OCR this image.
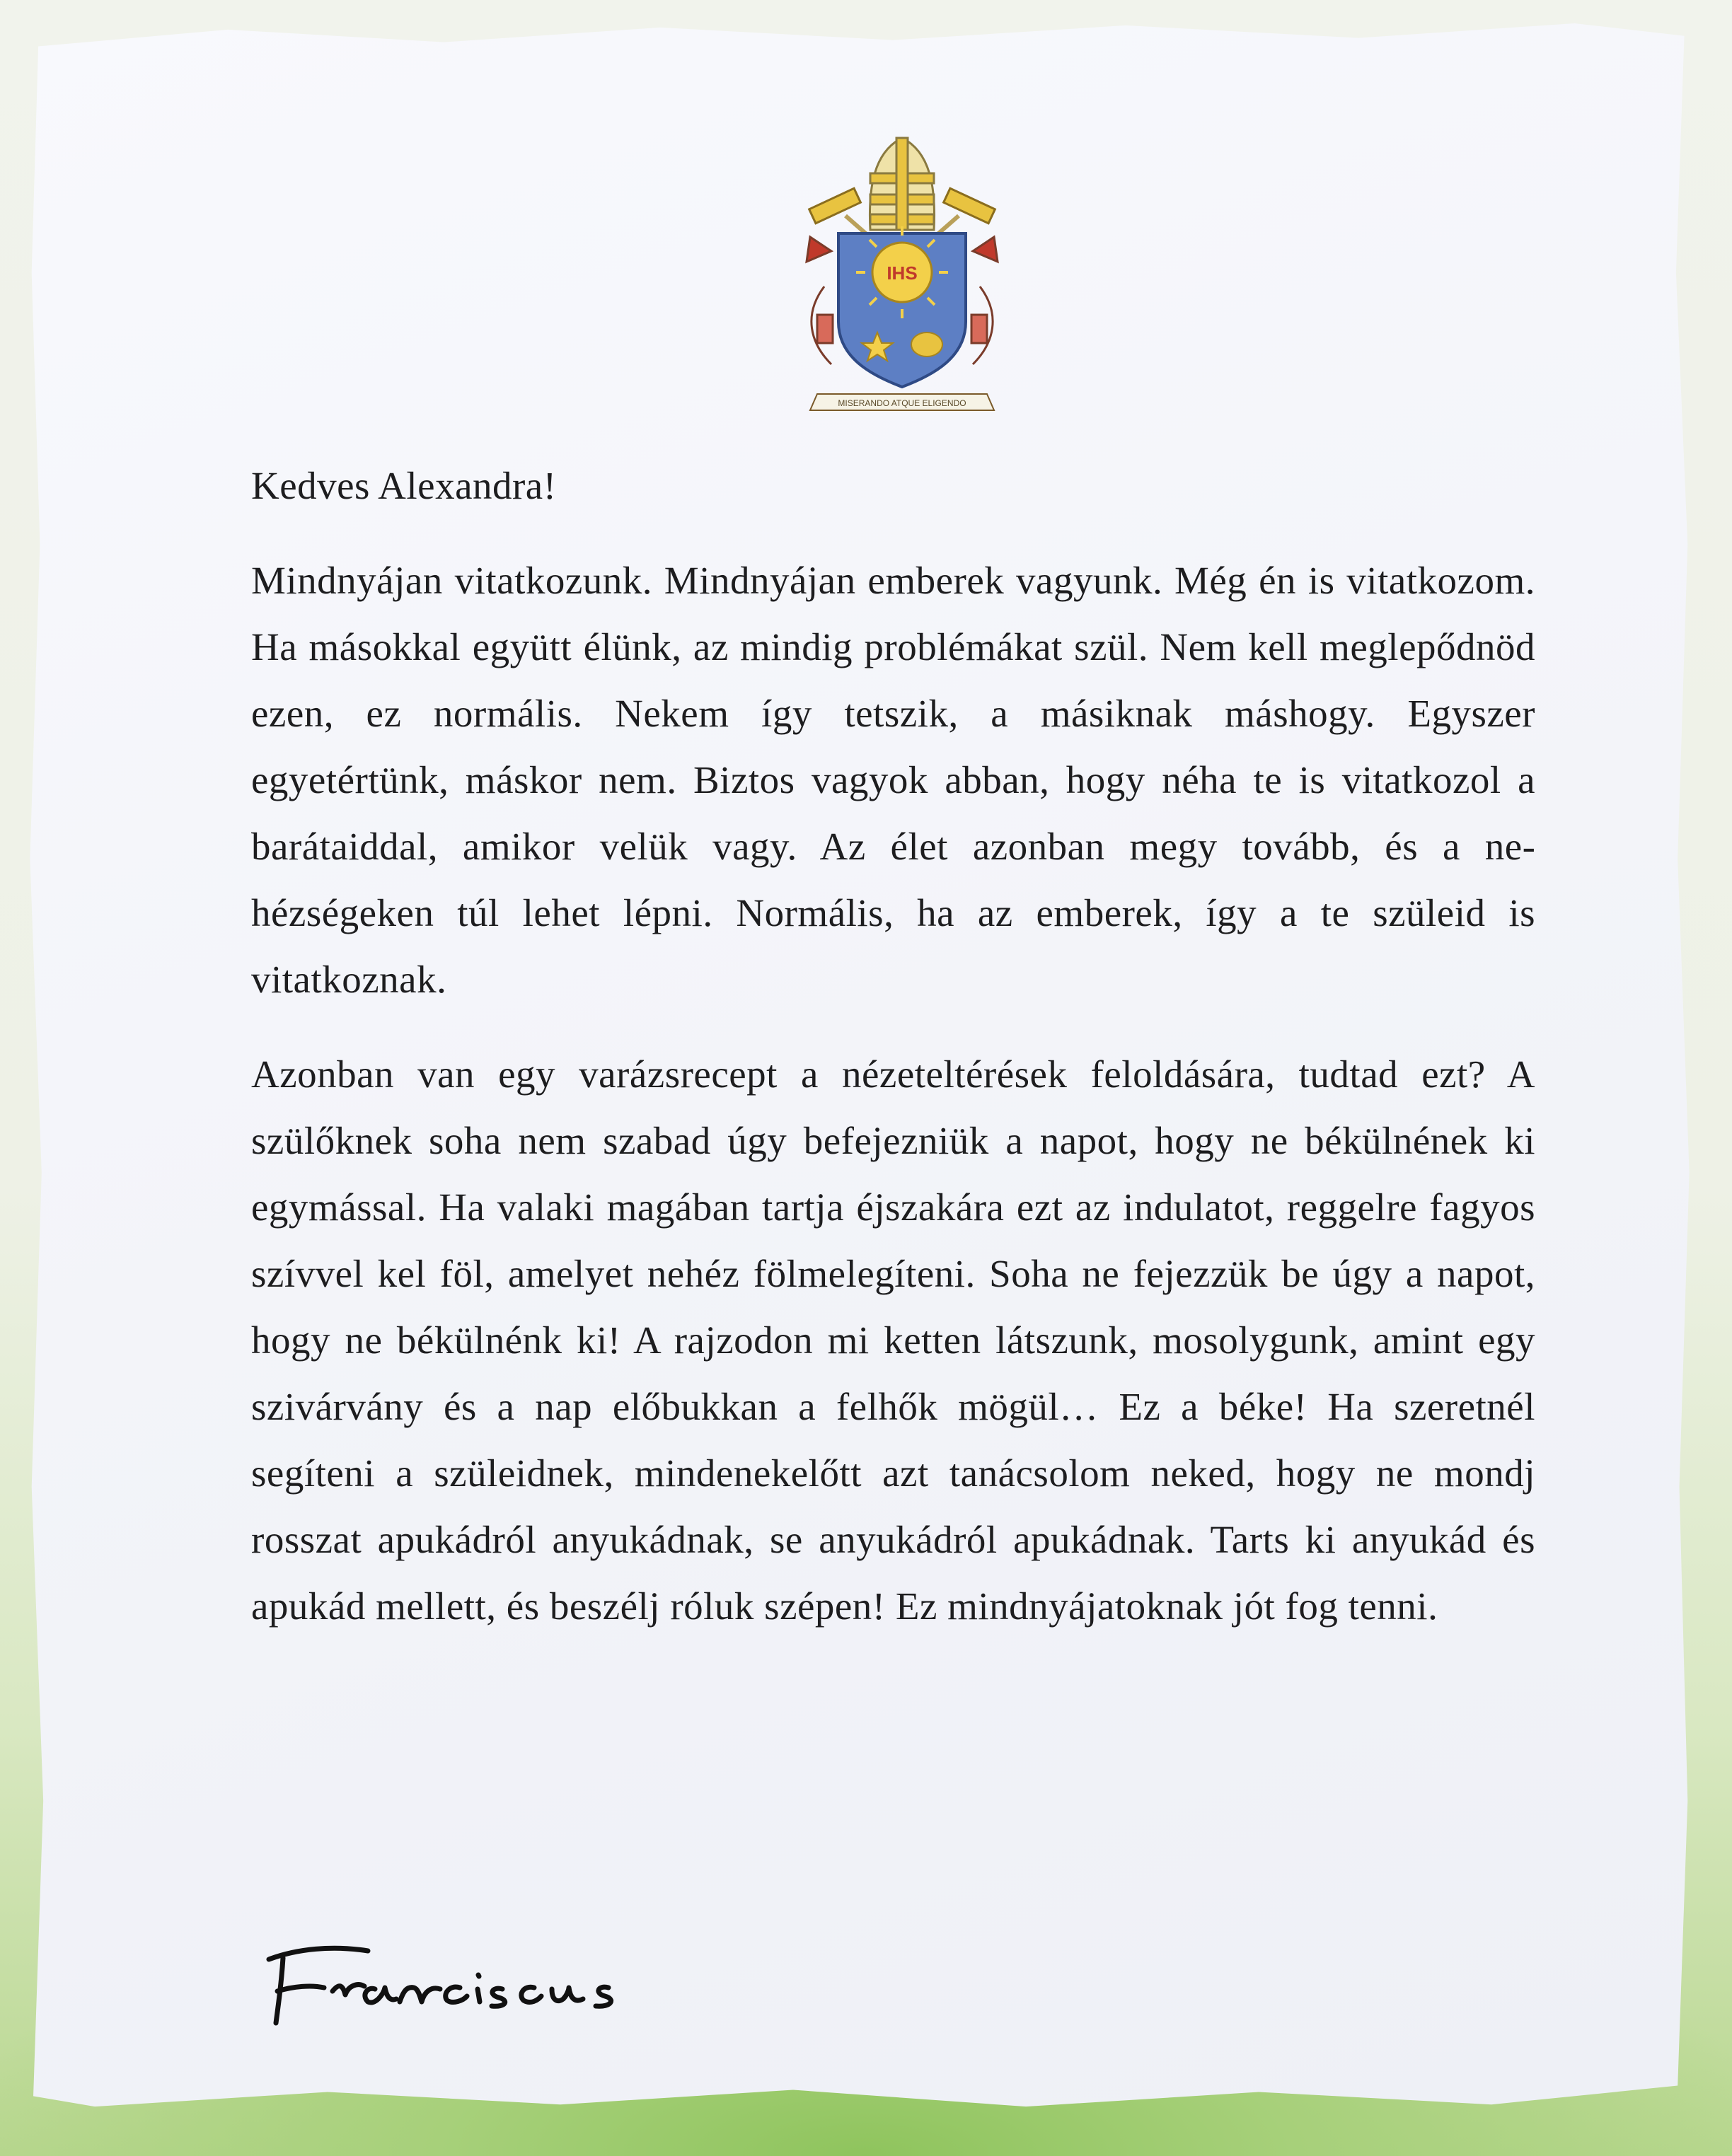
IHS
MISERANDO ATQUE ELIGENDO

Kedves Alexandra!

Mindnyájan vitatkozunk. Mindnyájan emberek vagyunk. Még én is vitatkozom. Ha másokkal együtt élünk, az mindig problémákat szül. Nem kell meglepődnöd ezen, ez normális. Nekem így tetszik, a másiknak máshogy. Egyszer egyetértünk, máskor nem. Biztos vagyok abban, hogy néha te is vitatkozol a barátaiddal, amikor velük vagy. Az élet azonban megy tovább, és a nehézségeken túl lehet lépni. Normális, ha az emberek, így a te szüleid is vitatkoznak.

Azonban van egy varázsrecept a nézeteltérések feloldására, tudtad ezt? A szülőknek soha nem szabad úgy befejezniük a napot, hogy ne békülnének ki egymással. Ha valaki magában tartja éjszakára ezt az indulatot, reggelre fagyos szívvel kel föl, amelyet nehéz fölmelegíteni. Soha ne fejezzük be úgy a napot, hogy ne békülnénk ki! A rajzodon mi ketten látszunk, mosolygunk, amint egy szivárvány és a nap előbukkan a felhők mögül… Ez a béke! Ha szeretnél segíteni a szüleidnek, mindenekelőtt azt tanácsolom neked, hogy ne mondj rosszat apukádról anyukádnak, se anyukádról apukádnak. Tarts ki anyukád és apukád mellett, és beszélj róluk szépen! Ez mindnyájatoknak jót fog tenni.
